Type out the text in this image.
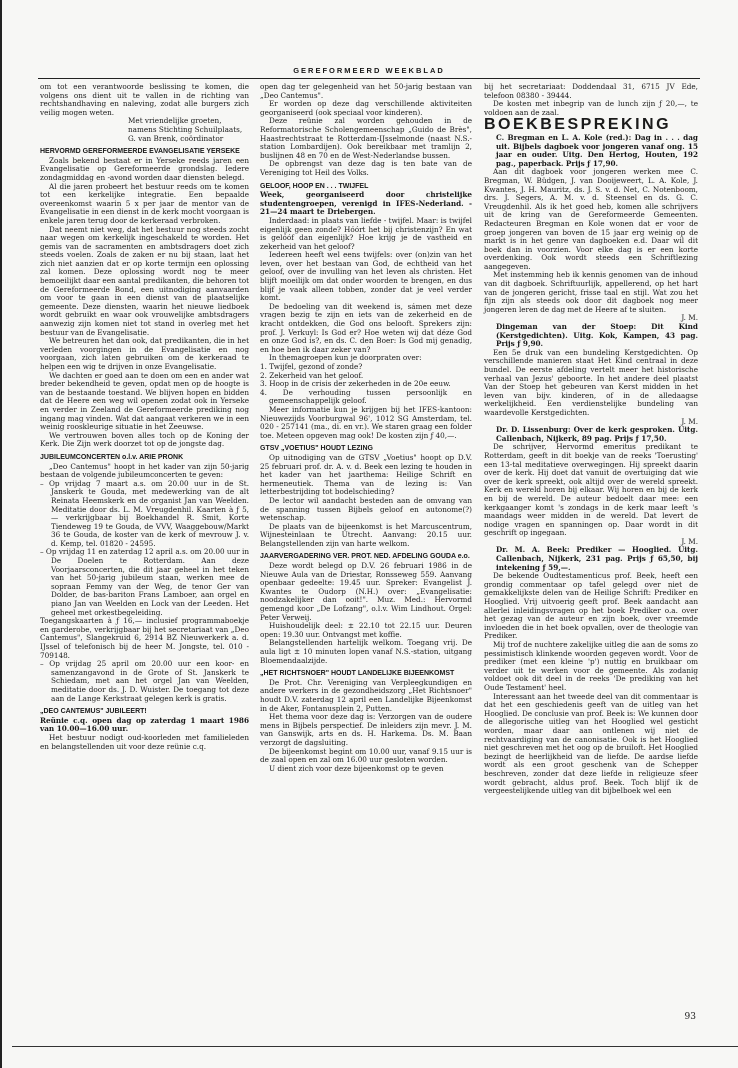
GEREFORMEERD WEEKBLAD

om tot een verantwoorde beslissing te komen, die volgens ons dient uit te vallen in de richting van rechtshandhaving en naleving, zodat alle burgers zich veilig mogen weten.

Met vriendelijke groeten,

namens Stichting Schuilplaats,

G. van Brenk, coördinator

HERVORMD GEREFORMEERDE EVANGELISATIE YERSEKE

Zoals bekend bestaat er in Yerseke reeds jaren een Evangelisatie op Gereformeerde grondslag. Iedere zondagmiddag en -avond worden daar diensten belegd.

Al die jaren probeert het bestuur reeds om te komen tot een kerkelijke integratie. Een bepaalde overeenkomst waarin 5 x per jaar de mentor van de Evangelisatie in een dienst in de kerk mocht voorgaan is enkele jaren terug door de kerkeraad verbroken.

Dat neemt niet weg, dat het bestuur nog steeds zocht naar wegen om kerkelijk ingeschakeld te worden. Het gemis van de sacramenten en ambtsdragers doet zich steeds voelen. Zoals de zaken er nu bij staan, laat het zich niet aanzien dat er op korte termijn een oplossing zal komen. Deze oplossing wordt nog te meer bemoeilijkt daar een aantal predikanten, die behoren tot de Gereformeerde Bond, een uitnodiging aanvaarden om voor te gaan in een dienst van de plaatselijke gemeente. Deze diensten, waarin het nieuwe liedboek wordt gebruikt en waar ook vrouwelijke ambtsdragers aanwezig zijn komen niet tot stand in overleg met het bestuur van de Evangelisatie.

We betreuren het dan ook, dat predikanten, die in het verleden voorgingen in de Evangelisatie en nog voorgaan, zich laten gebruiken om de kerkeraad te helpen een wig te drijven in onze Evangelisatie.

We dachten er goed aan te doen om een en ander wat breder bekendheid te geven, opdat men op de hoogte is van de bestaande toestand. We blijven hopen en bidden dat de Heere een weg wil openen zodat ook in Yerseke en verder in Zeeland de Gereformeerde prediking nog ingang mag vinden. Wat dat aangaat verkeren we in een weinig rooskleurige situatie in het Zeeuwse.

We vertrouwen boven alles toch op de Koning der Kerk. Die Zijn werk doorzet tot op de jongste dag.

JUBILEUMCONCERTEN o.l.v. ARIE PRONK

„Deo Cantemus" hoopt in het kader van zijn 50-jarig bestaan de volgende jubileumconcerten te geven:

– Op vrijdag 7 maart a.s. om 20.00 uur in de St. Janskerk te Gouda, met medewerking van de alt Reinata Heemskerk en de organist Jan van Weelden. Meditatie door ds. L. M. Vreugdenhil. Kaarten à ƒ 5,— verkrijgbaar bij Boekhandel R. Smit, Korte Tiendeweg 19 te Gouda, de VVV, Waaggebouw/Markt 36 te Gouda, de koster van de kerk of mevrouw J. v. d. Kemp, tel. 01820 - 24595.

– Op vrijdag 11 en zaterdag 12 april a.s. om 20.00 uur in De Doelen te Rotterdam. Aan deze Voorjaarsconcerten, die dit jaar geheel in het teken van het 50-jarig jubileum staan, werken mee de sopraan Femmy van der Weg, de tenor Ger van Dolder, de bas-bariton Frans Lamboer, aan orgel en piano Jan van Weelden en Lock van der Leeden. Het geheel met orkestbegeleiding.

Toegangskaarten à ƒ 16,— inclusief programmaboekje en garderobe, verkrijgbaar bij het secretariaat van „Deo Cantemus", Slangekruid 6, 2914 BZ Nieuwerkerk a. d. IJssel of telefonisch bij de heer M. Jongste, tel. 010 - 709148.

– Op vrijdag 25 april om 20.00 uur een koor- en samenzangavond in de Grote of St. Janskerk te Schiedam, met aan het orgel Jan van Weelden, meditatie door ds. J. D. Wuister. De toegang tot deze aan de Lange Kerkstraat gelegen kerk is gratis.

„DEO CANTEMUS" JUBILEERT!

Reünie c.q. open dag op zaterdag 1 maart 1986 van 10.00—16.00 uur.

Het bestuur nodigt oud-koorleden met familieleden en belangstellenden uit voor deze reünie c.q.

open dag ter gelegenheid van het 50-jarig bestaan van „Deo Cantemus".

Er worden op deze dag verschillende aktiviteiten georganiseerd (ook speciaal voor kinderen).

Deze reünie zal worden gehouden in de Reformatorische Scholengemeenschap „Guido de Brès", Haastrechtstraat te Rotterdam-IJsselmonde (naast N.S.-station Lombardijen). Ook bereikbaar met tramlijn 2, buslijnen 48 en 70 en de West-Nederlandse bussen.

De opbrengst van deze dag is ten bate van de Vereniging tot Heil des Volks.

GELOOF, HOOP EN . . . TWIJFEL

Week, georganiseerd door christelijke studentengroepen, verenigd in IFES-Nederland. - 21—24 maart te Driebergen.

Inderdaad: in plaats van liefde - twijfel. Maar: is twijfel eigenlijk geen zonde? Hóórt het bij christenzijn? En wat is gelóóf dan eigenlijk? Hoe krijg je de vastheid en zekerheid van het geloof?

Iedereen heeft wel eens twijfels: over (on)zin van het leven, over het bestaan van God, de echtheid van het geloof, over de invulling van het leven als christen. Het blijft moeilijk om dat onder woorden te brengen, en dus blijf je vaak alleen tobben, zonder dat je veel verder komt.

De bedoeling van dit weekend is, sámen met deze vragen bezig te zijn en iets van de zekerheid en de kracht ontdekken, die God ons belooft. Sprekers zijn: prof. J. Verkuyl: Is God er? Hoe weten wij dat déze God en onze God is?, en ds. C. den Boer: Is God mij genadig, en hoe ben ik daar zeker van?

In themagroepen kun je doorpraten over:

1. Twijfel, gezond of zonde?

2. Zekerheid van het geloof.

3. Hoop in de crisis der zekerheden in de 20e eeuw.

4. De verhouding tussen persoonlijk en gemeenschappelijk geloof.

Meer informatie kun je krijgen bij het IFES-kantoon: Nieuwezijds Voorburgwal 96', 1012 SG Amsterdam, tel. 020 - 257141 (ma., di. en vr.). We staren graag een folder toe. Meteen opgeven mag ook! De kosten zijn ƒ 40,—.

GTSV „VOETIUS" HOUDT LEZING

Op uitnodiging van de GTSV „Voetius" hoopt op D.V. 25 februari prof. dr. A. v. d. Beek een lezing te houden in het kader van het jaarthema: Heilige Schrift en hermeneutiek. Thema van de lezing is: Van letterbestrijding tot bodelschieding?

De lector wil aandacht besteden aan de omvang van de spanning tussen Bijbels geloof en autonome(?) wetenschap.

De plaats van de bijeenkomst is het Marcuscentrum, Wijnesteinlaan te Utrecht. Aanvang: 20.15 uur. Belangstellenden zijn van harte welkom.

JAARVERGADERING VER. PROT. NED. AFDELING GOUDA e.o.

Deze wordt belegd op D.V. 26 februari 1986 in de Nieuwe Aula van de Driestar, Ronsseweg 559. Aanvang openbaar gedeelte: 19.45 uur. Spreker: Evangelist J. Kwantes te Oudorp (N.H.) over: „Evangelisatie: noodzakelijker dan ooit!". Muz. Med.: Hervormd gemengd koor „De Lofzang", o.l.v. Wim Lindhout. Orgel: Peter Verweij.

Huishoudelijk deel: ± 22.10 tot 22.15 uur. Deuren open: 19.30 uur. Ontvangst met koffie.

Belangstellenden hartelijk welkom. Toegang vrij. De aula ligt ± 10 minuten lopen vanaf N.S.-station, uitgang Bloemendaalzijde.

„HET RICHTSNOER" HOUDT LANDELIJKE BIJEENKOMST

De Prot. Chr. Vereniging van Verpleegkundigen en andere werkers in de gezondheidszorg „Het Richtsnoer" houdt D.V. zaterdag 12 april een Landelijke Bijeenkomst in de Aker, Fontanusplein 2, Putten.

Het thema voor deze dag is: Verzorgen van de oudere mens in Bijbels perspectief. De inleiders zijn mevr. J. M. van Ganswijk, arts en ds. H. Harkema. Ds. M. Baan verzorgt de dagsluiting.

De bijeenkomst begint om 10.00 uur, vanaf 9.15 uur is de zaal open en zal om 16.00 uur gesloten worden.

U dient zich voor deze bijeenkomst op te geven

bij het secretariaat: Doddendaal 31, 6715 JV Ede, telefoon 08380 - 39444.

De kosten met inbegrip van de lunch zijn ƒ 20,—, te voldoen aan de zaal.

BOEKBESPREKING

C. Bregman en L. A. Kole (red.): Dag in . . . dag uit. Bijbels dagboek voor jongeren vanaf ong. 15 jaar en ouder. Uitg. Den Hertog, Houten, 192 pag., paperback. Prijs ƒ 17,90.

Aan dit dagboek voor jongeren werken mee C. Bregman, W. Büdgen, J. van Dooijeweert, L. A. Kole, J. Kwantes, J. H. Mauritz, ds. J. S. v. d. Net, C. Notenboom, drs. J. Segers, A. M. v. d. Steensel en ds. G. C. Vreugdenhil. Als ik het goed heb, komen alle schrijvers uit de kring van de Gereformeerde Gemeenten. Redacteuren Bregman en Kole wonen dat er voor de groep jongeren van boven de 15 jaar erg weinig op de markt is in het genre van dagboeken e.d. Daar wil dit boek dan in voorzien. Voor elke dag is er een korte overdenking. Ook wordt steeds een Schriftlezing aangegeven.

Met instemming heb ik kennis genomen van de inhoud van dit dagboek. Schriftuurlijk, appellerend, op het hart van de jongeren gericht, frisse taal en stijl. Wat zou het fijn zijn als steeds ook door dit dagboek nog meer jongeren leren de dag met de Heere af te sluiten.

J. M.

Dingeman van der Stoep: Dit Kind (Kerstgedichten). Uitg. Kok, Kampen, 43 pag. Prijs ƒ 9,90.

Een 5e druk van een bundeling Kerstgedichten. Op verschillende manieren staat Het Kind centraal in deze bundel. De eerste afdeling vertelt meer het historische verhaal van Jezus' geboorte. In het andere deel plaatst Van der Stoep het gebeuren van Kerst midden in het leven van bijv. kinderen, of in de alledaagse werkelijkheid. Een verdienstelijke bundeling van waardevolle Kerstgedichten.

J. M.

Dr. D. Lissenburg: Over de kerk gesproken. Uitg. Callenbach, Nijkerk, 89 pag. Prijs ƒ 17,50.

De schrijver, Hervormd emeritus predikant te Rotterdam, geeft in dit boekje van de reeks 'Toerusting' een 13-tal meditatieve overwegingen. Hij spreekt daarin over de kerk. Hij doet dat vanuit de overtuiging dat wie over de kerk spreekt, ook altijd over de wereld spreekt. Kerk en wereld horen bij elkaar. Wij horen en bij de kerk en bij de wereld. De auteur bedoelt daar mee: een kerkgaanger komt 's zondags in de kerk maar leeft 's maandags weer midden in de wereld. Dat levert de nodige vragen en spanningen op. Daar wordt in dit geschrift op ingegaan.

J. M.

Dr. M. A. Beek: Prediker — Hooglied. Uitg. Callenbach, Nijkerk, 231 pag. Prijs ƒ 65,50, bij intekening ƒ 59,—.

De bekende Oudtestamenticus prof. Beek, heeft een grondig commentaar op tafel gelegd over niet de gemakkelijkste delen van de Heilige Schrift: Prediker en Hooglied. Vrij uitvoerig geeft prof. Beek aandacht aan allerlei inleidingsvragen op het boek Prediker o.a. over het gezag van de auteur en zijn boek, over vreemde invloeden die in het boek opvallen, over de theologie van Prediker.

Mij trof de nuchtere zakelijke uitleg die aan de soms zo pessimistisch klinkende woorden gegeven wordt. Voor de prediker (met een kleine 'p') nuttig en bruikbaar om verder uit te werken voor de gemeente. Als zodanig voldoet ook dit deel in de reeks 'De prediking van het Oude Testament' heel.

Interessant aan het tweede deel van dit commentaar is dat het een geschiedenis geeft van de uitleg van het Hooglied. De conclusie van prof. Beek is: We kunnen door de allegorische uitleg van het Hooglied wel gesticht worden, maar daar aan ontlenen wij niet de rechtvaardiging van de canonisatie. Ook is het Hooglied niet geschreven met het oog op de bruiloft. Het Hooglied bezingt de heerlijkheid van de liefde. De aardse liefde wordt als een groot geschenk van de Schepper beschreven, zonder dat deze liefde in religieuze sfeer wordt gebracht, aldus prof. Beek. Toch blijf ik de vergeestelijkende uitleg van dit bijbelboek wel een

93
